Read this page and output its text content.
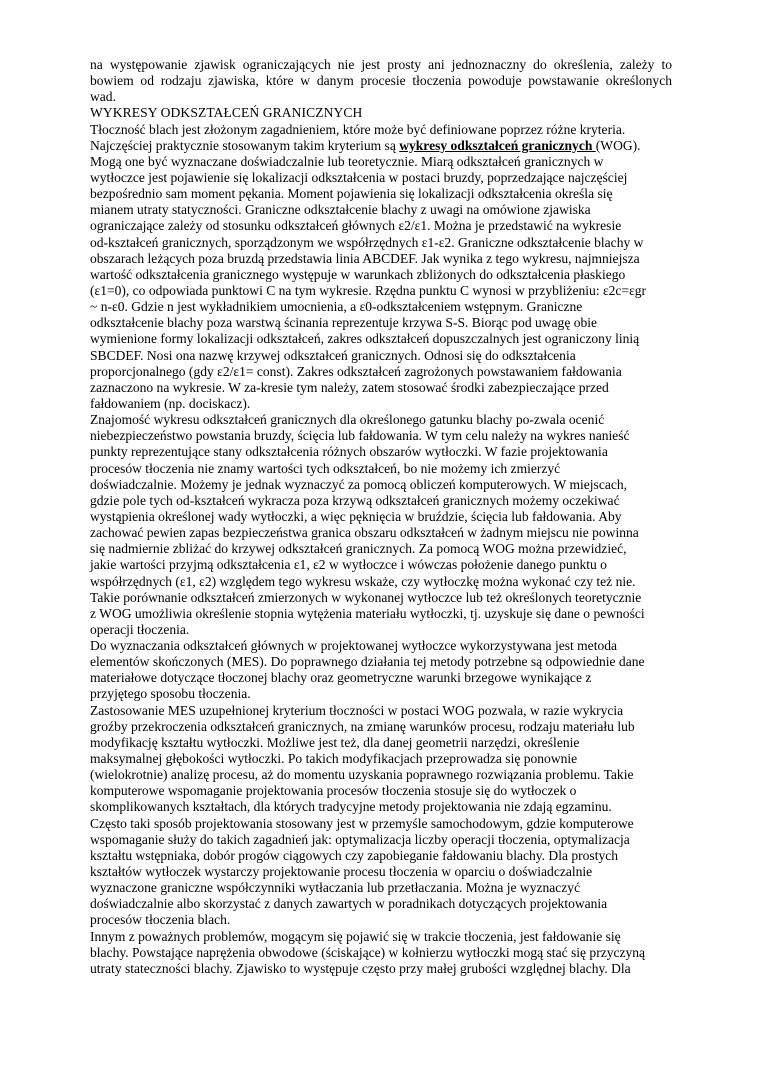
na występowanie zjawisk ograniczających nie jest prosty ani jednoznaczny do określenia, zależy to
bowiem od rodzaju zjawiska, które w danym procesie tłoczenia powoduje powstawanie określonych
wad.
WYKRESY ODKSZTAŁCEŃ GRANICZNYCH
Tłoczność blach jest złożonym zagadnieniem, które może być definiowane poprzez różne kryteria.
Najczęściej praktycznie stosowanym takim kryterium są wykresy odkształceń granicznych (WOG).
Mogą one być wyznaczane doświadczalnie lub teoretycznie. Miarą odkształceń granicznych w
wytłoczce jest pojawienie się lokalizacji odkształcenia w postaci bruzdy, poprzedzające najczęściej
bezpośrednio sam moment pękania. Moment pojawienia się lokalizacji odkształcenia określa się
mianem utraty statyczności. Graniczne odkształcenie blachy z uwagi na omówione zjawiska
ograniczające zależy od stosunku odkształceń głównych ε2/ε1. Można je przedstawić na wykresie
od-kształceń granicznych, sporządzonym we współrzędnych ε1-ε2. Graniczne odkształcenie blachy w
obszarach leżących poza bruzdą przedstawia linia ABCDEF. Jak wynika z tego wykresu, najmniejsza
wartość odkształcenia granicznego występuje w warunkach zbliżonych do odkształcenia płaskiego
(ε1=0), co odpowiada punktowi C na tym wykresie. Rzędna punktu C wynosi w przybliżeniu: ε2c=εgr
~ n-ε0. Gdzie n jest wykładnikiem umocnienia, a ε0-odkształceniem wstępnym. Graniczne
odkształcenie blachy poza warstwą ścinania reprezentuje krzywa S-S. Biorąc pod uwagę obie
wymienione formy lokalizacji odkształceń, zakres odkształceń dopuszczalnych jest ograniczony linią
SBCDEF. Nosi ona nazwę krzywej odkształceń granicznych. Odnosi się do odkształcenia
proporcjonalnego (gdy ε2/ε1= const). Zakres odkształceń zagrożonych powstawaniem fałdowania
zaznaczono na wykresie. W za-kresie tym należy, zatem stosować środki zabezpieczające przed
fałdowaniem (np. dociskacz).
Znajomość wykresu odkształceń granicznych dla określonego gatunku blachy po-zwala ocenić
niebezpieczeństwo powstania bruzdy, ścięcia lub fałdowania. W tym celu należy na wykres nanieść
punkty reprezentujące stany odkształcenia różnych obszarów wytłoczki. W fazie projektowania
procesów tłoczenia nie znamy wartości tych odkształceń, bo nie możemy ich zmierzyć
doświadczalnie. Możemy je jednak wyznaczyć za pomocą obliczeń komputerowych. W miejscach,
gdzie pole tych od-kształceń wykracza poza krzywą odkształceń granicznych możemy oczekiwać
wystąpienia określonej wady wytłoczki, a więc pęknięcia w bruździe, ścięcia lub fałdowania. Aby
zachować pewien zapas bezpieczeństwa granica obszaru odkształceń w żadnym miejscu nie powinna
się nadmiernie zbliżać do krzywej odkształceń granicznych. Za pomocą WOG można przewidzieć,
jakie wartości przyjmą odkształcenia ε1, ε2 w wytłoczce i wówczas położenie danego punktu o
współrzędnych (ε1, ε2) względem tego wykresu wskaże, czy wytłoczkę można wykonać czy też nie.
Takie porównanie odkształceń zmierzonych w wykonanej wytłoczce lub też określonych teoretycznie
z WOG umożliwia określenie stopnia wytężenia materiału wytłoczki, tj. uzyskuje się dane o pewności
operacji tłoczenia.
Do wyznaczania odkształceń głównych w projektowanej wytłoczce wykorzystywana jest metoda
elementów skończonych (MES). Do poprawnego działania tej metody potrzebne są odpowiednie dane
materiałowe dotyczące tłoczonej blachy oraz geometryczne warunki brzegowe wynikające z
przyjętego sposobu tłoczenia.
Zastosowanie MES uzupełnionej kryterium tłoczności w postaci WOG pozwala, w razie wykrycia
groźby przekroczenia odkształceń granicznych, na zmianę warunków procesu, rodzaju materiału lub
modyfikację kształtu wytłoczki. Możliwe jest też, dla danej geometrii narzędzi, określenie
maksymalnej głębokości wytłoczki. Po takich modyfikacjach przeprowadza się ponownie
(wielokrotnie) analizę procesu, aż do momentu uzyskania poprawnego rozwiązania problemu. Takie
komputerowe wspomaganie projektowania procesów tłoczenia stosuje się do wytłoczek o
skomplikowanych kształtach, dla których tradycyjne metody projektowania nie zdają egzaminu.
Często taki sposób projektowania stosowany jest w przemyśle samochodowym, gdzie komputerowe
wspomaganie służy do takich zagadnień jak: optymalizacja liczby operacji tłoczenia, optymalizacja
kształtu wstępniaka, dobór progów ciągowych czy zapobieganie fałdowaniu blachy. Dla prostych
kształtów wytłoczek wystarczy projektowanie procesu tłoczenia w oparciu o doświadczalnie
wyznaczone graniczne współczynniki wytłaczania lub przetłaczania. Można je wyznaczyć
doświadczalnie albo skorzystać z danych zawartych w poradnikach dotyczących projektowania
procesów tłoczenia blach.
Innym z poważnych problemów, mogącym się pojawić się w trakcie tłoczenia, jest fałdowanie się
blachy. Powstające naprężenia obwodowe (ściskające) w kołnierzu wytłoczki mogą stać się przyczyną
utraty stateczności blachy. Zjawisko to występuje często przy małej grubości względnej blachy. Dla
